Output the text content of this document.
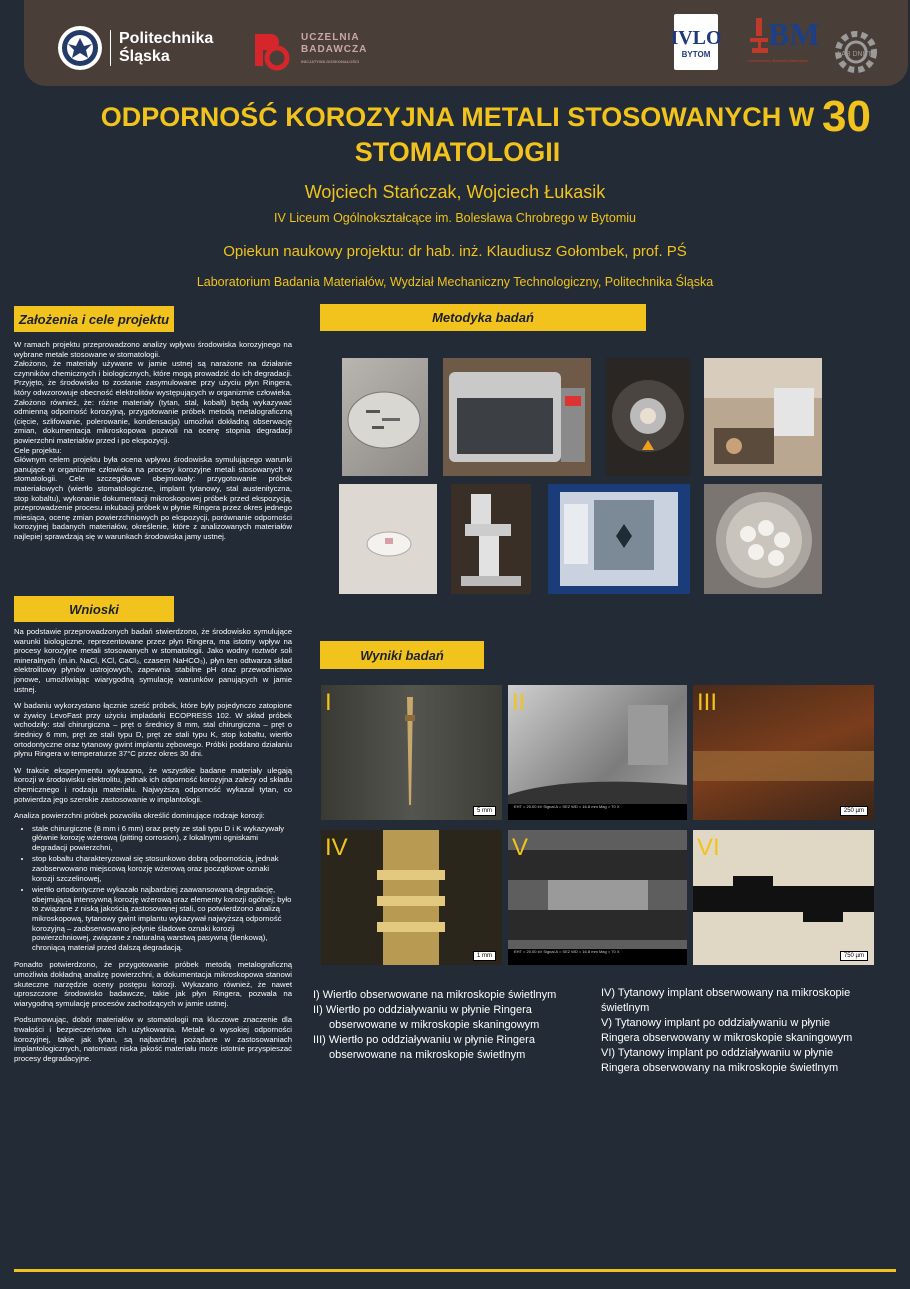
Politechnika
Śląska
UCZELNIA
BADAWCZA
INICJATYWA DOSKONAŁOŚCI
IVLO
BYTOM
BM
Laboratorium Badania Materiałów
LAB DNITM
ODPORNOŚĆ KOROZYJNA METALI STOSOWANYCH W STOMATOLOGII
30
Wojciech Stańczak, Wojciech Łukasik
IV Liceum Ogólnokształcące im. Bolesława Chrobrego w Bytomiu
Opiekun naukowy projektu: dr hab. inż. Klaudiusz Gołombek, prof. PŚ
Laboratorium Badania Materiałów, Wydział Mechaniczny Technologiczny, Politechnika Śląska
Założenia i cele projektu
W ramach projektu przeprowadzono analizy wpływu środowiska korozyjnego na wybrane metale stosowane w stomatologii.
Założono, że materiały używane w jamie ustnej są narażone na działanie czynników chemicznych i biologicznych, które mogą prowadzić do ich degradacji. Przyjęto, że środowisko to zostanie zasymulowane przy użyciu płyn Ringera, który odwzorowuje obecność elektrolitów występujących w organizmie człowieka. Założono również, że: różne materiały (tytan, stal, kobalt) będą wykazywać odmienną odporność korozyjną, przygotowanie próbek metodą metalograficzną (cięcie, szlifowanie, polerowanie, kondensacja) umożliwi dokładną obserwację zmian, dokumentacja mikroskopowa pozwoli na ocenę stopnia degradacji powierzchni materiałów przed i po ekspozycji.
Cele projektu:
Głównym celem projektu była ocena wpływu środowiska symulującego warunki panujące w organizmie człowieka na procesy korozyjne metali stosowanych w stomatologii. Cele szczegółowe obejmowały: przygotowanie próbek materiałowych (wiertło stomatologiczne, implant tytanowy, stal austenityczna, stop kobaltu), wykonanie dokumentacji mikroskopowej próbek przed ekspozycją, przeprowadzenie procesu inkubacji próbek w płynie Ringera przez okres jednego miesiąca, ocenę zmian powierzchniowych po ekspozycji, porównanie odporności korozyjnej badanych materiałów, określenie, które z analizowanych materiałów najlepiej sprawdzają się w warunkach środowiska jamy ustnej.
Wnioski

Na podstawie przeprowadzonych badań stwierdzono, że środowisko symulujące warunki biologiczne, reprezentowane przez płyn Ringera, ma istotny wpływ na procesy korozyjne metali stosowanych w stomatologii. Jako wodny roztwór soli mineralnych (m.in. NaCl, KCl, CaCl₂, czasem NaHCO₃), płyn ten odtwarza skład elektrolitowy płynów ustrojowych, zapewnia stabilne pH oraz przewodnictwo jonowe, umożliwiając wiarygodną symulację warunków panujących w jamie ustnej.

W badaniu wykorzystano łącznie sześć próbek, które były pojedynczo zatopione w żywicy LevoFast przy użyciu impladarki ECOPRESS 102. W skład próbek wchodziły: stal chirurgiczna – pręt o średnicy 8 mm, stal chirurgiczna – pręt o średnicy 6 mm, pręt ze stali typu D, pręt ze stali typu K, stop kobaltu, wiertło ortodontyczne oraz tytanowy gwint implantu zębowego. Próbki poddano działaniu płynu Ringera w temperaturze 37°C przez okres 30 dni.

W trakcie eksperymentu wykazano, że wszystkie badane materiały ulegają korozji w środowisku elektrolitu, jednak ich odporność korozyjna zależy od składu chemicznego i rodzaju materiału. Najwyższą odporność wykazał tytan, co potwierdza jego szerokie zastosowanie w implantologii.

Analiza powierzchni próbek pozwoliła określić dominujące rodzaje korozji:

• stale chirurgiczne (8 mm i 6 mm) oraz pręty ze stali typu D i K wykazywały głównie korozję wżerową (pitting corrosion), z lokalnymi ogniskami degradacji powierzchni,
• stop kobaltu charakteryzował się stosunkowo dobrą odpornością, jednak zaobserwowano miejscową korozję wżerową oraz początkowe oznaki korozji szczelinowej,
• wiertło ortodontyczne wykazało najbardziej zaawansowaną degradację, obejmującą intensywną korozję wżerową oraz elementy korozji ogólnej; było to związane z niską jakością zastosowanej stali, co potwierdzono analizą mikroskopową, tytanowy gwint implantu wykazywał najwyższą odporność korozyjną – zaobserwowano jedynie śladowe oznaki korozji powierzchniowej, związane z naturalną warstwą pasywną (tlenkową), chroniącą materiał przed dalszą degradacją.

Ponadto potwierdzono, że przygotowanie próbek metodą metalograficzną umożliwia dokładną analizę powierzchni, a dokumentacja mikroskopowa stanowi skuteczne narzędzie oceny postępu korozji. Wykazano również, że nawet uproszczone środowisko badawcze, takie jak płyn Ringera, pozwala na wiarygodną symulację procesów zachodzących w jamie ustnej.

Podsumowując, dobór materiałów w stomatologii ma kluczowe znaczenie dla trwałości i bezpieczeństwa ich użytkowania. Metale o wysokiej odporności korozyjnej, takie jak tytan, są najbardziej pożądane w zastosowaniach implantologicznych, natomiast niska jakość materiału może istotnie przyspieszać procesy degradacyjne.

Metodyka badań
Wyniki badań
I
5 mm
II
EHT = 20.00 kV Signal A = SE2 WD = 16.8 mm Mag = 70 X
III
250 µm
IV
1 mm
V
EHT = 20.00 kV Signal A = SE2 WD = 16.8 mm Mag = 70 X
VI
750 µm
I) Wiertło obserwowane na mikroskopie świetlnym
II) Wiertło po oddziaływaniu w płynie Ringera
obserwowane w mikroskopie skaningowym
III) Wiertło po oddziaływaniu w płynie Ringera
obserwowane na mikroskopie świetlnym
IV) Tytanowy implant obserwowany na mikroskopie
świetlnym
V) Tytanowy implant po oddziaływaniu w płynie
Ringera obserwowany w mikroskopie skaningowym
VI) Tytanowy implant po oddziaływaniu w płynie
Ringera obserwowany na mikroskopie świetlnym
